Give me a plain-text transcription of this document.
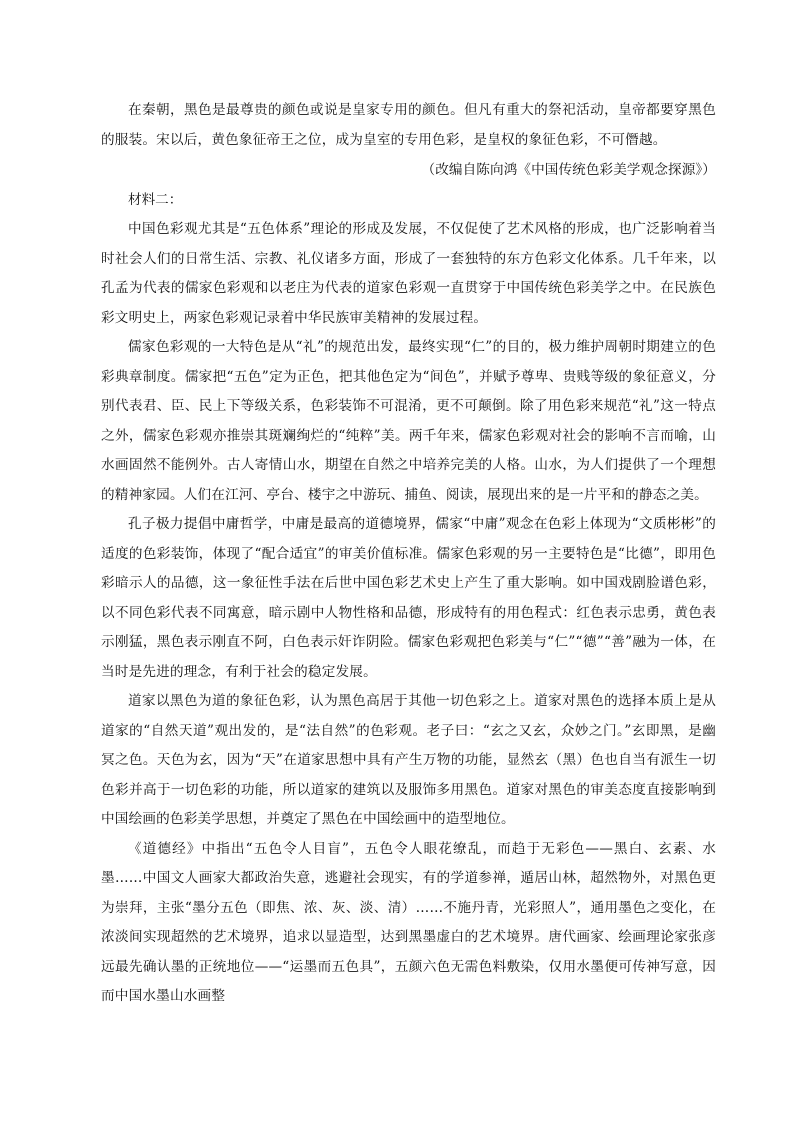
在秦朝，黑色是最尊贵的颜色或说是皇家专用的颜色。但凡有重大的祭祀活动，皇帝都要穿黑色的服装。宋以后，黄色象征帝王之位，成为皇室的专用色彩，是皇权的象征色彩，不可僭越。

（改编自陈向鸿《中国传统色彩美学观念探源》）

材料二：

中国色彩观尤其是“五色体系”理论的形成及发展，不仅促使了艺术风格的形成，也广泛影响着当时社会人们的日常生活、宗教、礼仪诸多方面，形成了一套独特的东方色彩文化体系。几千年来，以孔孟为代表的儒家色彩观和以老庄为代表的道家色彩观一直贯穿于中国传统色彩美学之中。在民族色彩文明史上，两家色彩观记录着中华民族审美精神的发展过程。

儒家色彩观的一大特色是从“礼”的规范出发，最终实现“仁”的目的，极力维护周朝时期建立的色彩典章制度。儒家把“五色”定为正色，把其他色定为“间色”，并赋予尊卑、贵贱等级的象征意义，分别代表君、臣、民上下等级关系，色彩装饰不可混淆，更不可颠倒。除了用色彩来规范“礼”这一特点之外，儒家色彩观亦推崇其斑斓绚烂的“纯粹”美。两千年来，儒家色彩观对社会的影响不言而喻，山水画固然不能例外。古人寄情山水，期望在自然之中培养完美的人格。山水，为人们提供了一个理想的精神家园。人们在江河、亭台、楼宇之中游玩、捕鱼、阅读，展现出来的是一片平和的静态之美。

孔子极力提倡中庸哲学，中庸是最高的道德境界，儒家“中庸”观念在色彩上体现为“文质彬彬”的适度的色彩装饰，体现了“配合适宜”的审美价值标准。儒家色彩观的另一主要特色是“比德”，即用色彩暗示人的品德，这一象征性手法在后世中国色彩艺术史上产生了重大影响。如中国戏剧脸谱色彩，以不同色彩代表不同寓意，暗示剧中人物性格和品德，形成特有的用色程式：红色表示忠勇，黄色表示刚猛，黑色表示刚直不阿，白色表示奸诈阴险。儒家色彩观把色彩美与“仁”“德”“善”融为一体，在当时是先进的理念，有利于社会的稳定发展。

道家以黑色为道的象征色彩，认为黑色高居于其他一切色彩之上。道家对黑色的选择本质上是从道家的“自然天道”观出发的，是“法自然”的色彩观。老子曰：“玄之又玄，众妙之门。”玄即黑，是幽冥之色。天色为玄，因为“天”在道家思想中具有产生万物的功能，显然玄（黑）色也自当有派生一切色彩并高于一切色彩的功能，所以道家的建筑以及服饰多用黑色。道家对黑色的审美态度直接影响到中国绘画的色彩美学思想，并奠定了黑色在中国绘画中的造型地位。

《道德经》中指出“五色令人目盲”，五色令人眼花缭乱，而趋于无彩色——黑白、玄素、水墨……中国文人画家大都政治失意，逃避社会现实，有的学道参禅，遁居山林，超然物外，对黑色更为崇拜，主张“墨分五色（即焦、浓、灰、淡、清）……不施丹青，光彩照人”，通用墨色之变化，在浓淡间实现超然的艺术境界，追求以显造型，达到黑墨虚白的艺术境界。唐代画家、绘画理论家张彦远最先确认墨的正统地位——“运墨而五色具”，五颜六色无需色料敷染，仅用水墨便可传神写意，因而中国水墨山水画整
